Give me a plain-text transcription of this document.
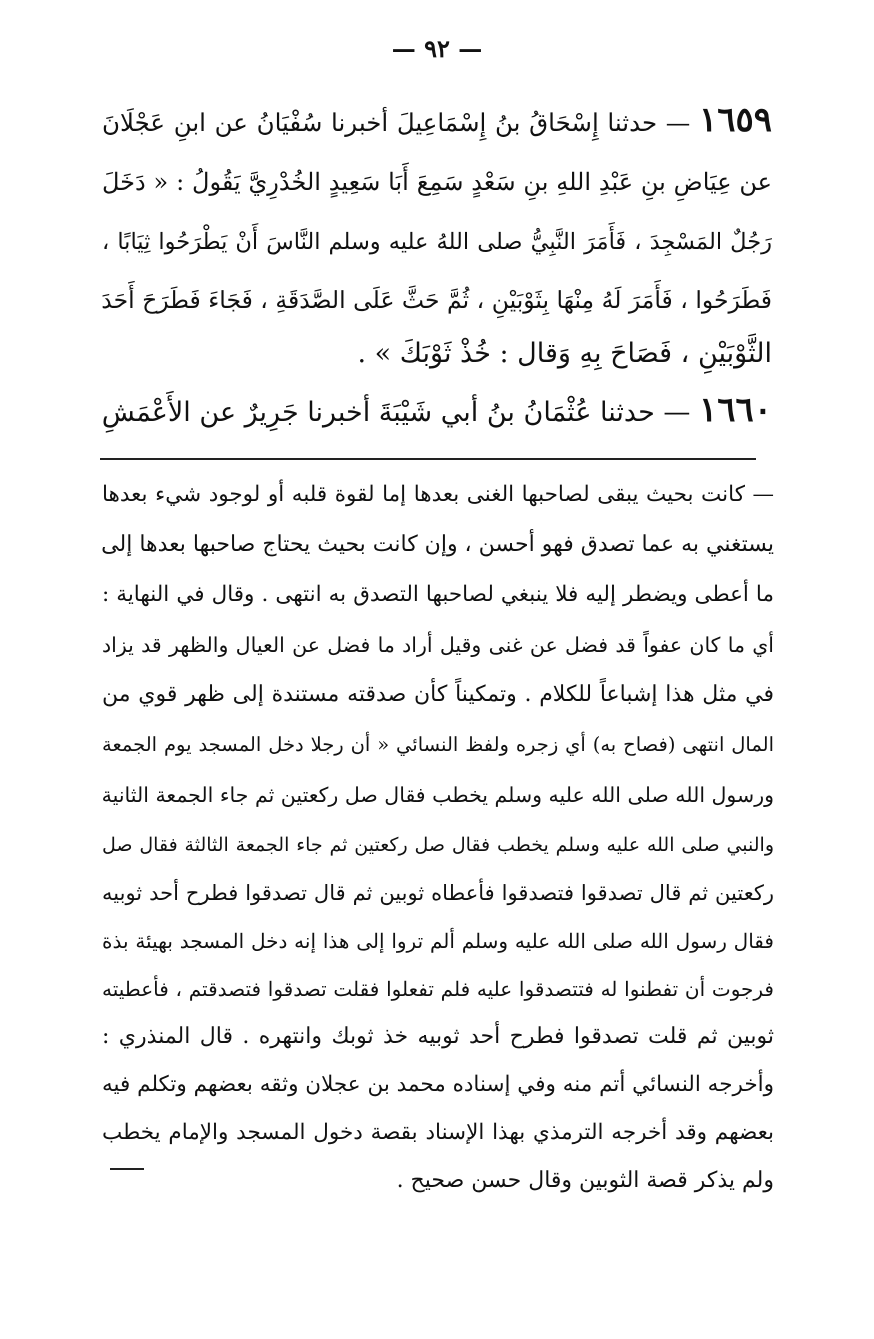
— ٩٢ —
١٦٥٩ — حدثنا إِسْحَاقُ بنُ إِسْمَاعِيلَ أخبرنا سُفْيَانُ عن ابنِ عَجْلَانَ
عن عِيَاضِ بنِ عَبْدِ اللهِ بنِ سَعْدٍ سَمِعَ أَبَا سَعِيدٍ الخُدْرِيَّ يَقُولُ : « دَخَلَ
رَجُلٌ المَسْجِدَ ، فَأَمَرَ النَّبِيُّ صلى اللهُ عليه وسلم النَّاسَ أَنْ يَطْرَحُوا ثِيَابًا ،
فَطَرَحُوا ، فَأَمَرَ لَهُ مِنْهَا بِثَوْبَيْنِ ، ثُمَّ حَثَّ عَلَى الصَّدَقَةِ ، فَجَاءَ فَطَرَحَ أَحَدَ
الثَّوْبَيْنِ ، فَصَاحَ بِهِ وَقال : خُذْ ثَوْبَكَ » .
١٦٦٠ — حدثنا عُثْمَانُ بنُ أبي شَيْبَةَ أخبرنا جَرِيرٌ عن الأَعْمَشِ
— كانت بحيث يبقى لصاحبها الغنى بعدها إما لقوة قلبه أو لوجود شيء بعدها
يستغني به عما تصدق فهو أحسن ، وإن كانت بحيث يحتاج صاحبها بعدها إلى
ما أعطى ويضطر إليه فلا ينبغي لصاحبها التصدق به انتهى . وقال في النهاية :
أي ما كان عفواً قد فضل عن غنى وقيل أراد ما فضل عن العيال والظهر قد يزاد
في مثل هذا إشباعاً للكلام . وتمكيناً كأن صدقته مستندة إلى ظهر قوي من
المال انتهى (فصاح به) أي زجره ولفظ النسائي « أن رجلا دخل المسجد يوم الجمعة
ورسول الله صلى الله عليه وسلم يخطب فقال صل ركعتين ثم جاء الجمعة الثانية
والنبي صلى الله عليه وسلم يخطب فقال صل ركعتين ثم جاء الجمعة الثالثة فقال صل
ركعتين ثم قال تصدقوا فتصدقوا فأعطاه ثوبين ثم قال تصدقوا فطرح أحد ثوبيه
فقال رسول الله صلى الله عليه وسلم ألم تروا إلى هذا إنه دخل المسجد بهيئة بذة
فرجوت أن تفطنوا له فتتصدقوا عليه فلم تفعلوا فقلت تصدقوا فتصدقتم ، فأعطيته
ثوبين ثم قلت تصدقوا فطرح أحد ثوبيه خذ ثوبك وانتهره . قال المنذري :
وأخرجه النسائي أتم منه وفي إسناده محمد بن عجلان وثقه بعضهم وتكلم فيه
بعضهم وقد أخرجه الترمذي بهذا الإسناد بقصة دخول المسجد والإمام يخطب
ولم يذكر قصة الثوبين وقال حسن صحيح .
